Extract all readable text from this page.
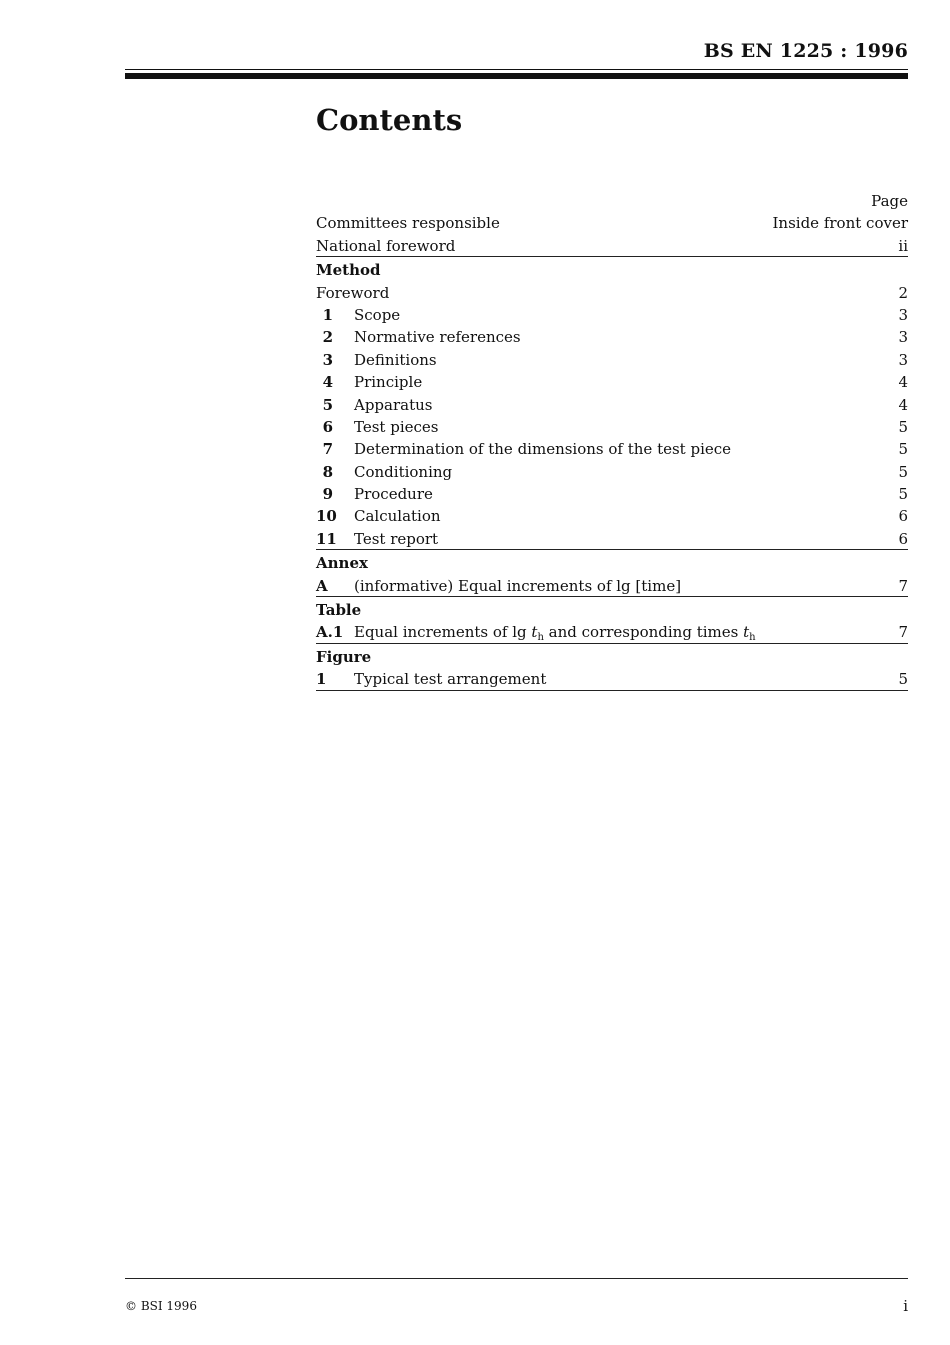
BS EN 1225 : 1996
Contents
Page
Committees responsible	Inside front cover
National foreword	ii
Method
Foreword	2
1	Scope	3
2	Normative references	3
3	Definitions	3
4	Principle	4
5	Apparatus	4
6	Test pieces	5
7	Determination of the dimensions of the test piece	5
8	Conditioning	5
9	Procedure	5
10	Calculation	6
11	Test report	6
Annex
A	(informative) Equal increments of lg [time]	7
Table
A.1 Equal increments of $\lg t_h$ and corresponding times $t_h$	7
Figure
1	Typical test arrangement	5
© BSI 1996	i
